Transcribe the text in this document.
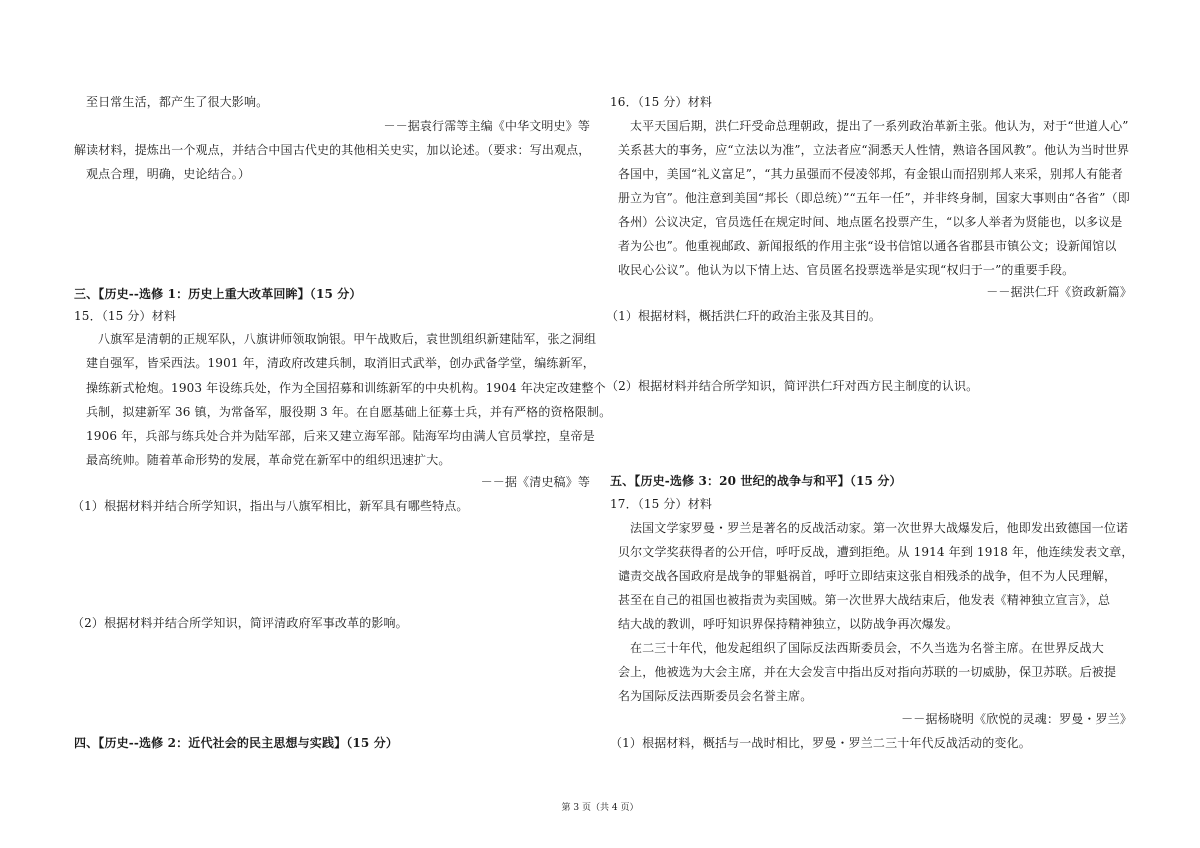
至日常生活，都产生了很大影响。
－－据袁行霈等主编《中华文明史》等
解读材料，提炼出一个观点，并结合中国古代史的其他相关史实，加以论述。（要求：写出观点，
观点合理，明确，史论结合。）
三、【历史--选修 1：历史上重大改革回眸】（15 分）
15．（15 分）材料
八旗军是清朝的正规军队，八旗讲师领取饷银。甲午战败后，袁世凯组织新建陆军，张之洞组
建自强军，皆采西法。1901 年，清政府改建兵制，取消旧式武举，创办武备学堂，编练新军，
操练新式枪炮。1903 年设练兵处，作为全国招募和训练新军的中央机构。1904 年决定改建整个
兵制，拟建新军 36 镇，为常备军，服役期 3 年。在自愿基础上征募士兵，并有严格的资格限制。
1906 年，兵部与练兵处合并为陆军部，后来又建立海军部。陆海军均由满人官员掌控，皇帝是
最高统帅。随着革命形势的发展，革命党在新军中的组织迅速扩大。
－－据《清史稿》等
（1）根据材料并结合所学知识，指出与八旗军相比，新军具有哪些特点。
（2）根据材料并结合所学知识，简评清政府军事改革的影响。
四、【历史--选修 2：近代社会的民主思想与实践】（15 分）
16．（15 分）材料
太平天国后期，洪仁玕受命总理朝政，提出了一系列政治革新主张。他认为，对于“世道人心”
关系甚大的事务，应“立法以为准”，立法者应“洞悉天人性情，熟谙各国风教”。他认为当时世界
各国中，美国“礼义富足”，“其力虽强而不侵凌邻邦，有金银山而招别邦人来采，别邦人有能者
册立为官”。他注意到美国“邦长（即总统）”“五年一任”，并非终身制，国家大事则由“各省”（即
各州）公议决定，官员选任在规定时间、地点匿名投票产生，“以多人举者为贤能也，以多议是
者为公也”。他重视邮政、新闻报纸的作用主张“设书信馆以通各省郡县市镇公文；设新闻馆以
收民心公议”。他认为以下情上达、官员匿名投票选举是实现“权归于一”的重要手段。
－－据洪仁玕《资政新篇》
（1）根据材料，概括洪仁玕的政治主张及其目的。
（2）根据材料并结合所学知识，简评洪仁玕对西方民主制度的认识。
五、【历史-选修 3：20 世纪的战争与和平】（15 分）
17．（15 分）材料
法国文学家罗曼・罗兰是著名的反战活动家。第一次世界大战爆发后，他即发出致德国一位诺
贝尔文学奖获得者的公开信，呼吁反战，遭到拒绝。从 1914 年到 1918 年，他连续发表文章，
谴责交战各国政府是战争的罪魁祸首，呼吁立即结束这张自相残杀的战争，但不为人民理解，
甚至在自己的祖国也被指责为卖国贼。第一次世界大战结束后，他发表《精神独立宣言》，总
结大战的教训，呼吁知识界保持精神独立，以防战争再次爆发。
在二三十年代，他发起组织了国际反法西斯委员会，不久当选为名誉主席。在世界反战大
会上，他被选为大会主席，并在大会发言中指出反对指向苏联的一切威胁，保卫苏联。后被提
名为国际反法西斯委员会名誉主席。
－－据杨晓明《欣悦的灵魂：罗曼・罗兰》
（1）根据材料，概括与一战时相比，罗曼・罗兰二三十年代反战活动的变化。
第 3 页（共 4 页）
